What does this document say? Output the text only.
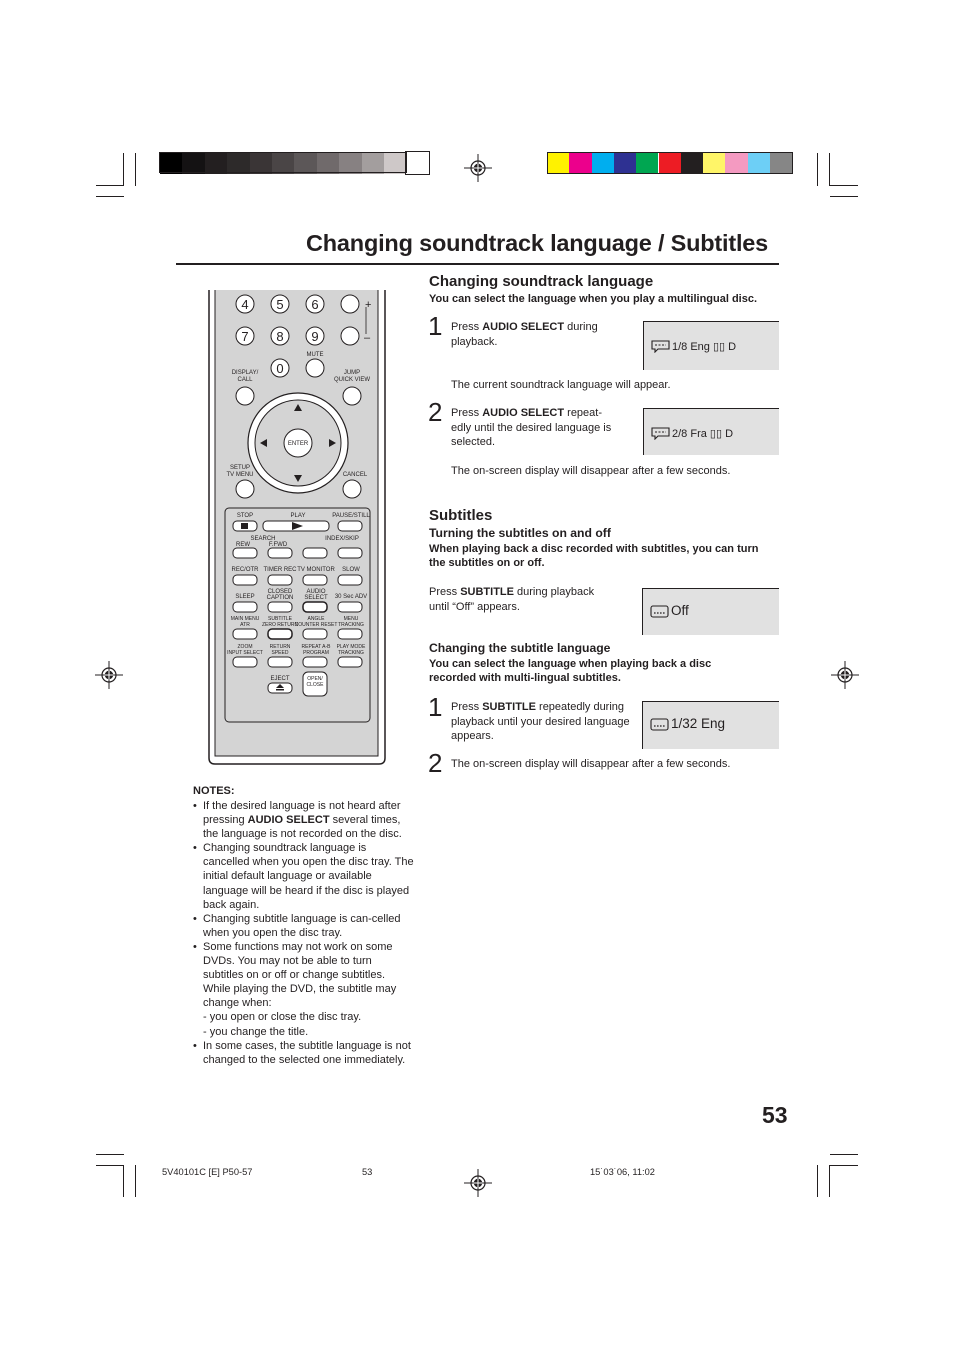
Changing soundtrack language / Subtitles
4 5 6
7 8 9
0
+
–
MUTE
DISPLAY/
CALL
JUMP
QUICK VIEW
ENTER
SETUP
TV MENU	CANCEL
STOP	PLAY	PAUSE/STILL
SEARCH	INDEX/SKIP
REW	F.FWD
REC/OTR TIMER REC TV MONITOR SLOW
SLEEP
CLOSED
CAPTION
AUDIO
SELECT 30 Sec ADV
MAIN MENU
ATR
SUBTITLE
ZERO RETURN
ANGLE
COUNTER RESET
MENU
TRACKING
ZOOM
INPUT SELECT
RETURN
SPEED
REPEAT A-B
PROGRAM
PLAY MODE
TRACKING
EJECT	OPEN/
CLOSE
NOTES:
• If the desired language is not heard after pressing AUDIO SELECT several times, the language is not recorded on the disc.
• Changing soundtrack language is cancelled when you open the disc tray. The initial default language or available language will be heard if the disc is played back again.
• Changing subtitle language is can-celled when you open the disc tray.
• Some functions may not work on some DVDs. You may not be able to turn subtitles on or off or change subtitles. While playing the DVD, the subtitle may change when:
- you open or close the disc tray.
- you change the title.
• In some cases, the subtitle language is not changed to the selected one immediately.
Changing soundtrack language
You can select the language when you play a multilingual disc.
1 Press AUDIO SELECT during playback.	1/8 Eng ▯▯ D
The current soundtrack language will appear.
2 Press AUDIO SELECT repeat-edly until the desired language is selected.
2/8 Fra ▯▯ D
The on-screen display will disappear after a few seconds.
Subtitles
Turning the subtitles on and off
When playing back a disc recorded with subtitles, you can turn the subtitles on or off.
Press SUBTITLE during playback until “Off” appears.	Off
Changing the subtitle language
You can select the language when playing back a disc recorded with multi-lingual subtitles.
1 Press SUBTITLE repeatedly during playback until your desired language appears.
1/32 Eng
2 The on-screen display will disappear after a few seconds.
53
5V40101C [E] P50-57	53	15˙03˙06, 11:02
